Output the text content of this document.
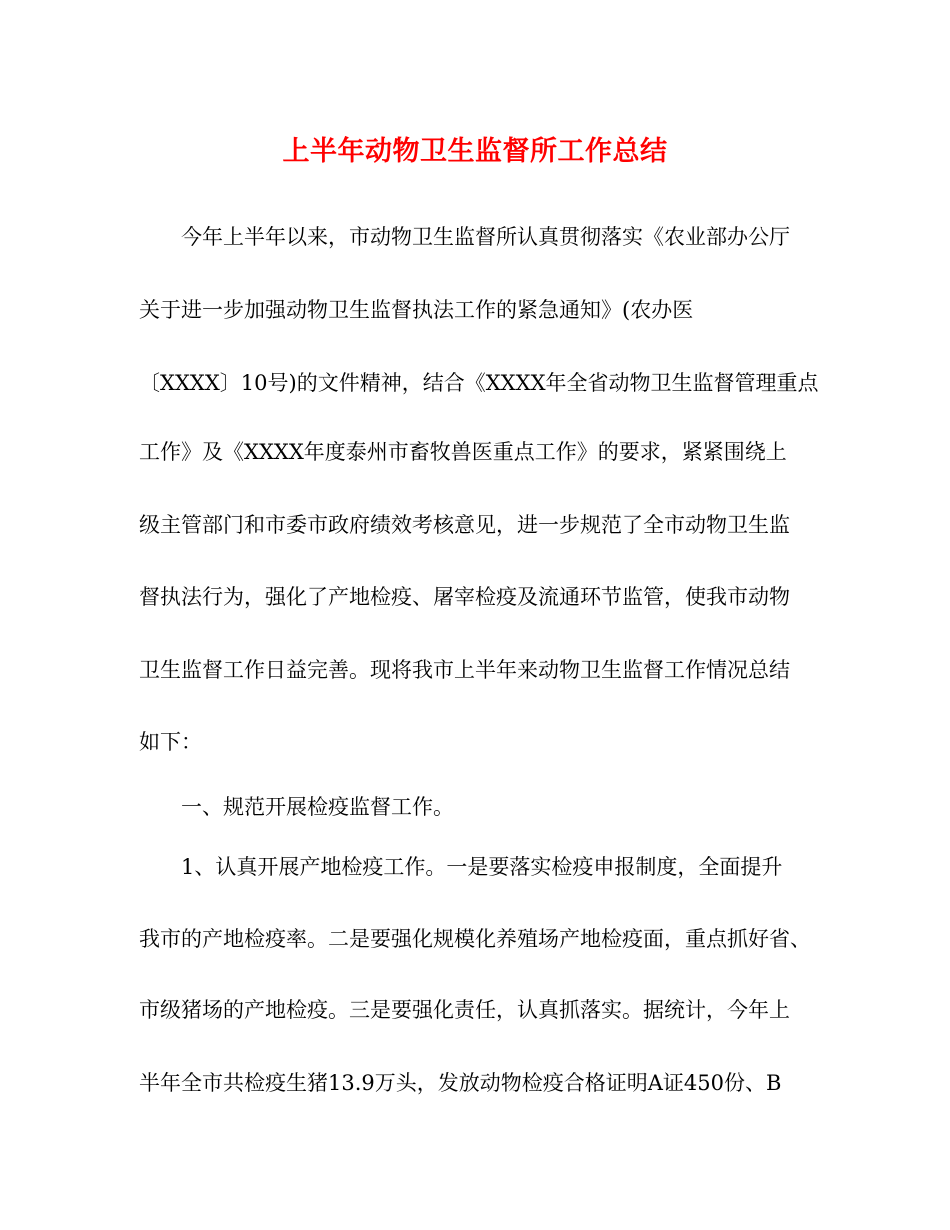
上半年动物卫生监督所工作总结
今年上半年以来，市动物卫生监督所认真贯彻落实《农业部办公厅
关于进一步加强动物卫生监督执法工作的紧急通知》(农办医
〔XXXX〕10号)的文件精神，结合《XXXX年全省动物卫生监督管理重点
工作》及《XXXX年度泰州市畜牧兽医重点工作》的要求，紧紧围绕上
级主管部门和市委市政府绩效考核意见，进一步规范了全市动物卫生监
督执法行为，强化了产地检疫、屠宰检疫及流通环节监管，使我市动物
卫生监督工作日益完善。现将我市上半年来动物卫生监督工作情况总结
如下：
一、规范开展检疫监督工作。
1、认真开展产地检疫工作。一是要落实检疫申报制度，全面提升
我市的产地检疫率。二是要强化规模化养殖场产地检疫面，重点抓好省、
市级猪场的产地检疫。三是要强化责任，认真抓落实。据统计，今年上
半年全市共检疫生猪13.9万头，发放动物检疫合格证明A证450份、B
